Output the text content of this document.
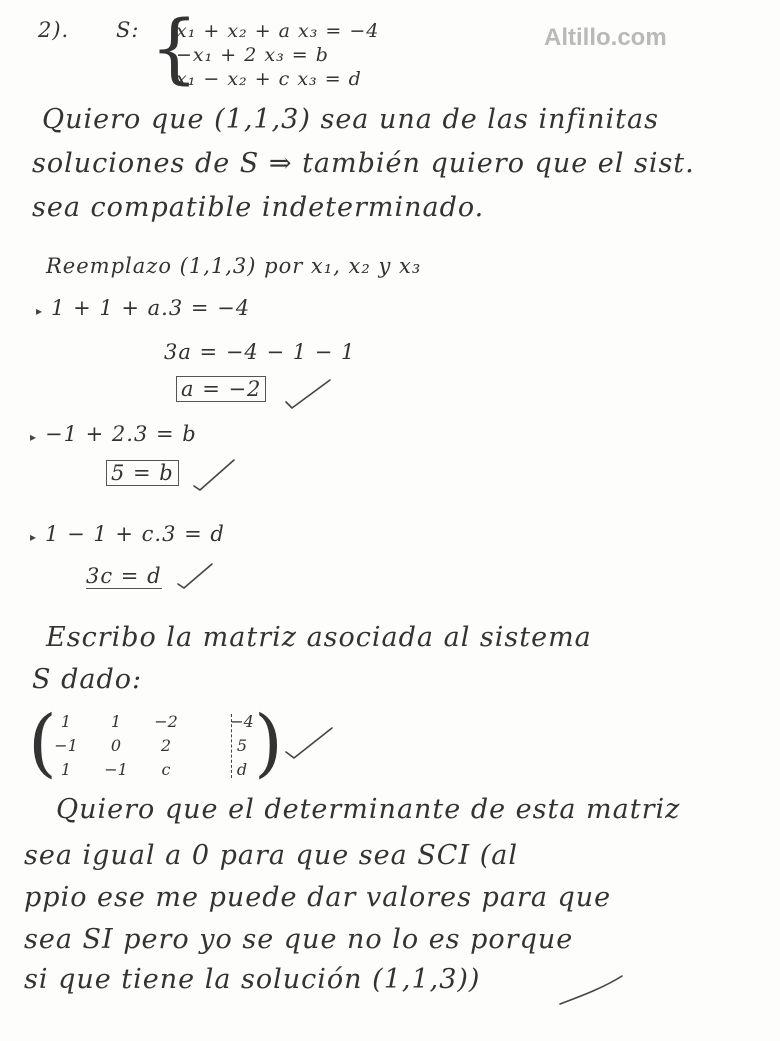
Altillo.com
2). S: {
x₁ + x₂ + a x₃ = −4
−x₁ + 2 x₃ = b
x₁ − x₂ + c x₃ = d
Quiero que (1,1,3) sea una de las infinitas
soluciones de S ⇒ también quiero que el sist.
sea compatible indeterminado.
Reemplazo (1,1,3) por x₁, x₂ y x₃
▸ 1 + 1 + a.3 = −4
3a = −4 − 1 − 1
a = −2
▸ −1 + 2.3 = b
5 = b
▸ 1 − 1 + c.3 = d
3c = d
Escribo la matriz asociada al sistema
S dado:
(	)
1	1	−2	−4
−1	0	2	5
1	−1	c	d
Quiero que el determinante de esta matriz
sea igual a 0 para que sea SCI (al
ppio ese me puede dar valores para que
sea SI pero yo se que no lo es porque
si que tiene la solución (1,1,3))
